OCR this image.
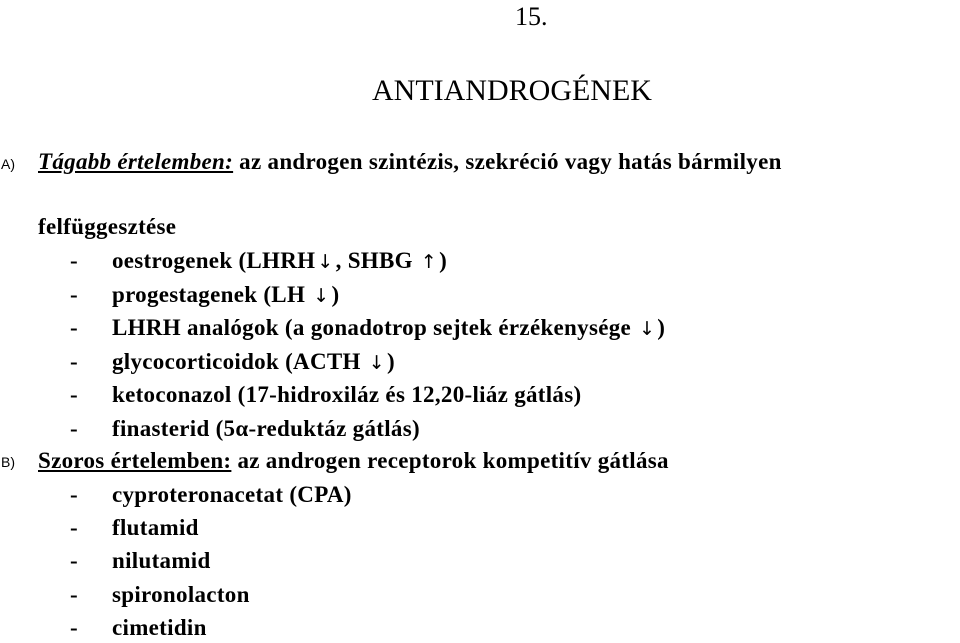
15.
ANTIANDROGÉNEK
A) Tágabb értelemben: az androgen szintézis, szekréció vagy hatás bármilyen
felfüggesztése
- oestrogenek (LHRH ↓, SHBG ↑)
- progestagenek (LH ↓)
- LHRH analógok (a gonadotrop sejtek érzékenysége ↓)
- glycocorticoidok (ACTH ↓)
- ketoconazol (17-hidroxiláz és 12,20-liáz gátlás)
- finasterid (5α-reduktáz gátlás)
B) Szoros értelemben: az androgen receptorok kompetitív gátlása
- cyproteronacetat (CPA)
- flutamid
- nilutamid
- spironolacton
- cimetidin
